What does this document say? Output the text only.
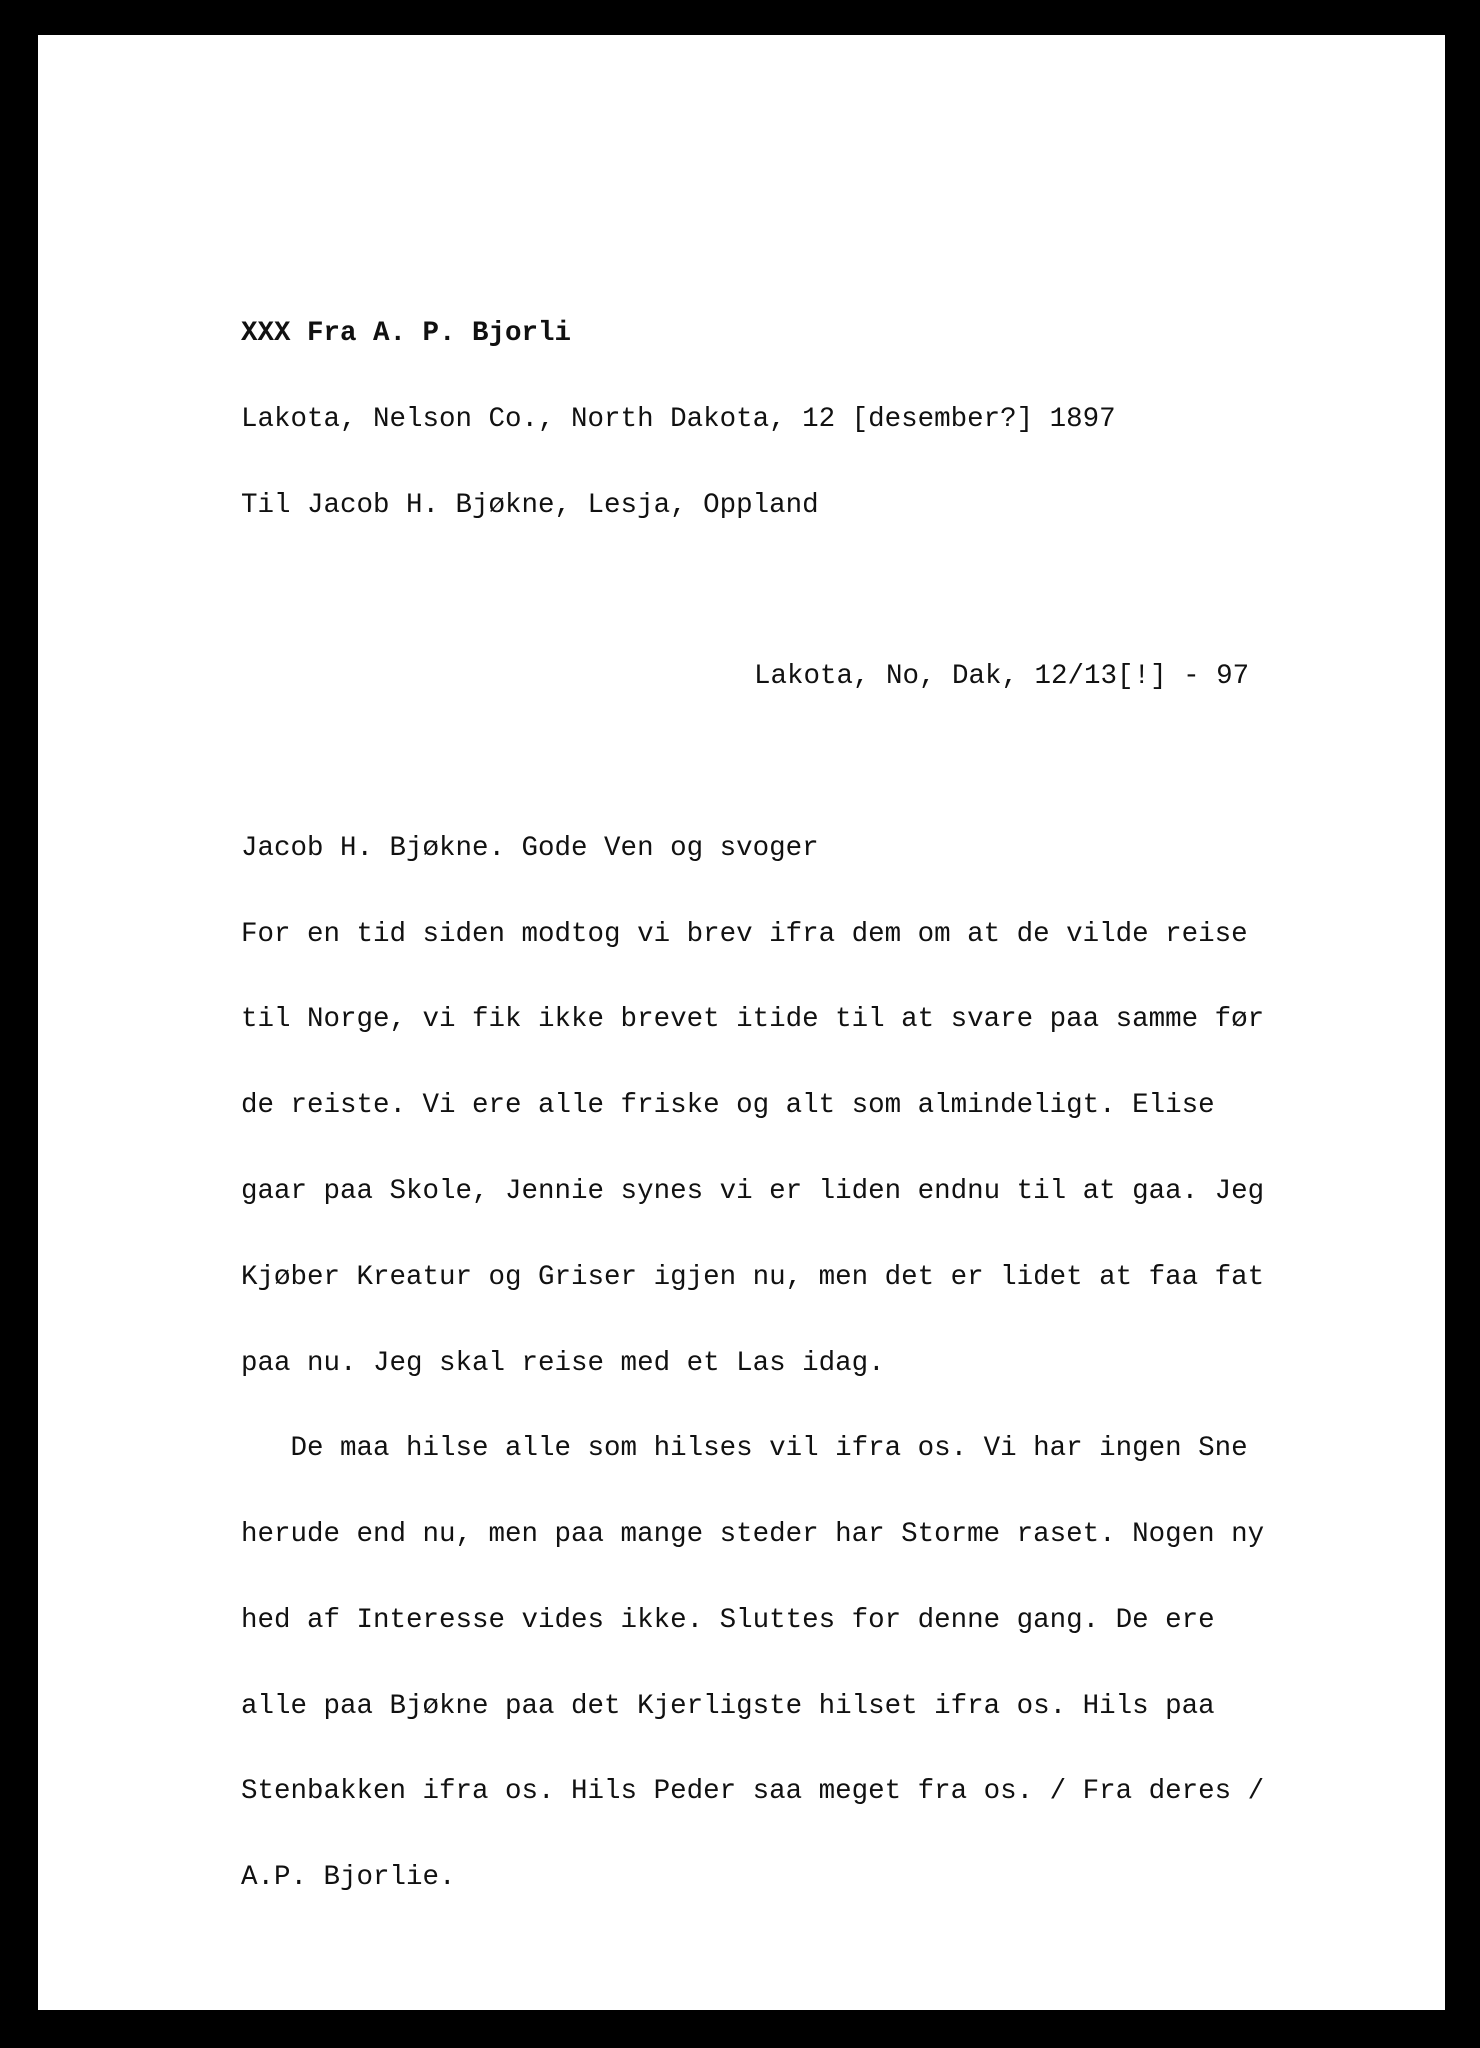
XXX Fra A. P. Bjorli

Lakota, Nelson Co., North Dakota, 12 [desember?] 1897

Til Jacob H. Bjøkne, Lesja, Oppland

Lakota, No, Dak, 12/13[!] - 97

Jacob H. Bjøkne. Gode Ven og svoger

For en tid siden modtog vi brev ifra dem om at de vilde reise

til Norge, vi fik ikke brevet itide til at svare paa samme før

de reiste. Vi ere alle friske og alt som almindeligt. Elise

gaar paa Skole, Jennie synes vi er liden endnu til at gaa. Jeg

Kjøber Kreatur og Griser igjen nu, men det er lidet at faa fat

paa nu. Jeg skal reise med et Las idag.

De maa hilse alle som hilses vil ifra os. Vi har ingen Sne

herude end nu, men paa mange steder har Storme raset. Nogen ny

hed af Interesse vides ikke. Sluttes for denne gang. De ere

alle paa Bjøkne paa det Kjerligste hilset ifra os. Hils paa

Stenbakken ifra os. Hils Peder saa meget fra os. / Fra deres /

A.P. Bjorlie.
